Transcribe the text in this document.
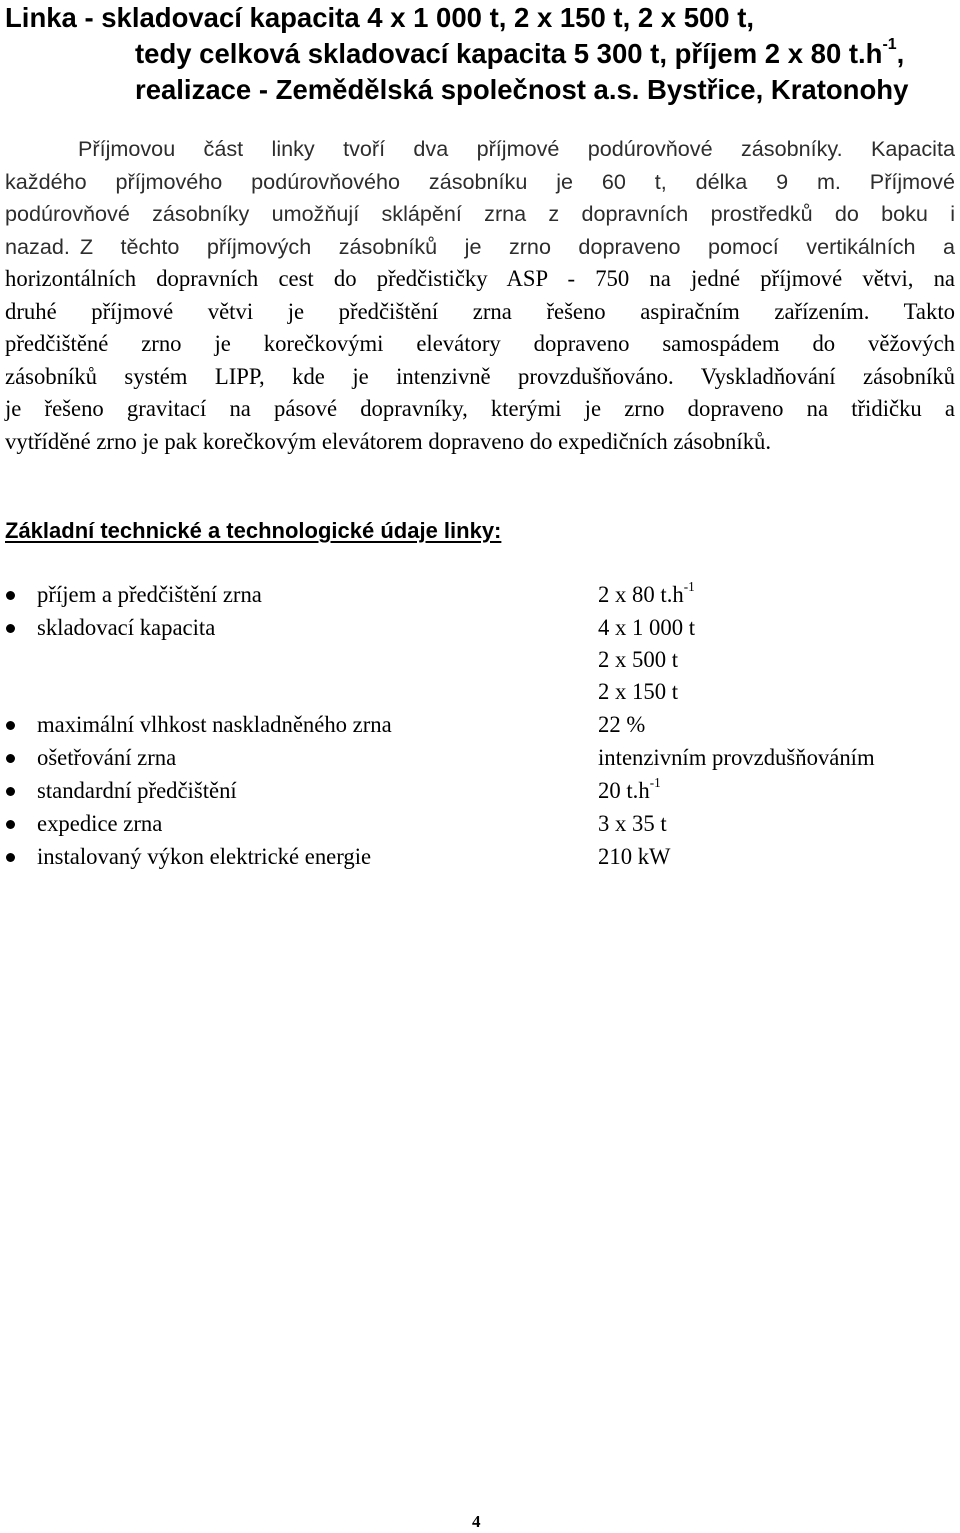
Linka - skladovací kapacita 4 x 1 000 t, 2 x 150 t, 2 x 500 t,
tedy celková skladovací kapacita 5 300 t, příjem 2 x 80 $t.h^{-1}$,
realizace - Zemědělská společnost a.s. Bystřice, Kratonohy
Příjmovou část linky tvoří dva příjmové podúrovňové zásobníky. Kapacita
každého příjmového podúrovňového zásobníku je 60 t, délka 9 m. Příjmové
podúrovňové zásobníky umožňují sklápění zrna z dopravních prostředků do boku i
nazad. Z těchto příjmových zásobníků je zrno dopraveno pomocí vertikálních a
horizontálních dopravních cest do předčističky ASP - 750 na jedné příjmové větvi, na
druhé příjmové větvi je předčištění zrna řešeno aspiračním zařízením. Takto
předčištěné zrno je korečkovými elevátory dopraveno samospádem do věžových
zásobníků systém LIPP, kde je intenzivně provzdušňováno. Vyskladňování zásobníků
je řešeno gravitací na pásové dopravníky, kterými je zrno dopraveno na třidičku a
vytříděné zrno je pak korečkovým elevátorem dopraveno do expedičních zásobníků.
Základní technické a technologické údaje linky:
příjem a předčištění zrna	2 x 80 $t.h^{-1}$
skladovací kapacita	4 x 1 000 t
2 x 500 t
2 x 150 t
maximální vlhkost naskladněného zrna	22 %
ošetřování zrna	intenzivním provzdušňováním
standardní předčištění	20 $t.h^{-1}$
expedice zrna	3 x 35 t
instalovaný výkon elektrické energie	210 kW

4
